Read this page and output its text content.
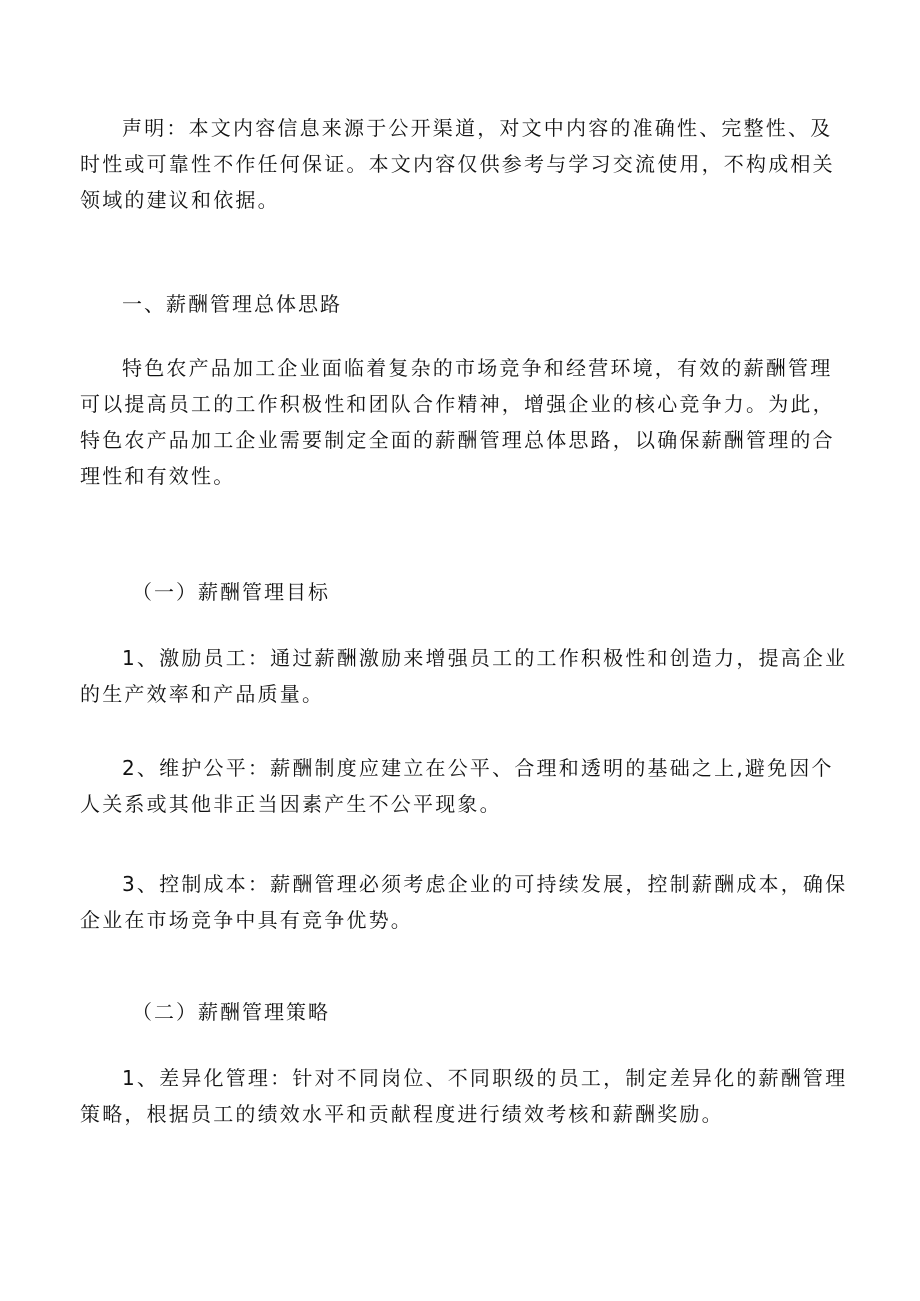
声明：本文内容信息来源于公开渠道，对文中内容的准确性、完整性、及时性或可靠性不作任何保证。本文内容仅供参考与学习交流使用，不构成相关领域的建议和依据。

一、薪酬管理总体思路

特色农产品加工企业面临着复杂的市场竞争和经营环境，有效的薪酬管理可以提高员工的工作积极性和团队合作精神，增强企业的核心竞争力。为此，特色农产品加工企业需要制定全面的薪酬管理总体思路，以确保薪酬管理的合理性和有效性。

（一）薪酬管理目标

1、激励员工：通过薪酬激励来增强员工的工作积极性和创造力，提高企业的生产效率和产品质量。

2、维护公平：薪酬制度应建立在公平、合理和透明的基础之上,避免因个人关系或其他非正当因素产生不公平现象。

3、控制成本：薪酬管理必须考虑企业的可持续发展，控制薪酬成本，确保企业在市场竞争中具有竞争优势。

（二）薪酬管理策略

1、差异化管理：针对不同岗位、不同职级的员工，制定差异化的薪酬管理策略，根据员工的绩效水平和贡献程度进行绩效考核和薪酬奖励。
